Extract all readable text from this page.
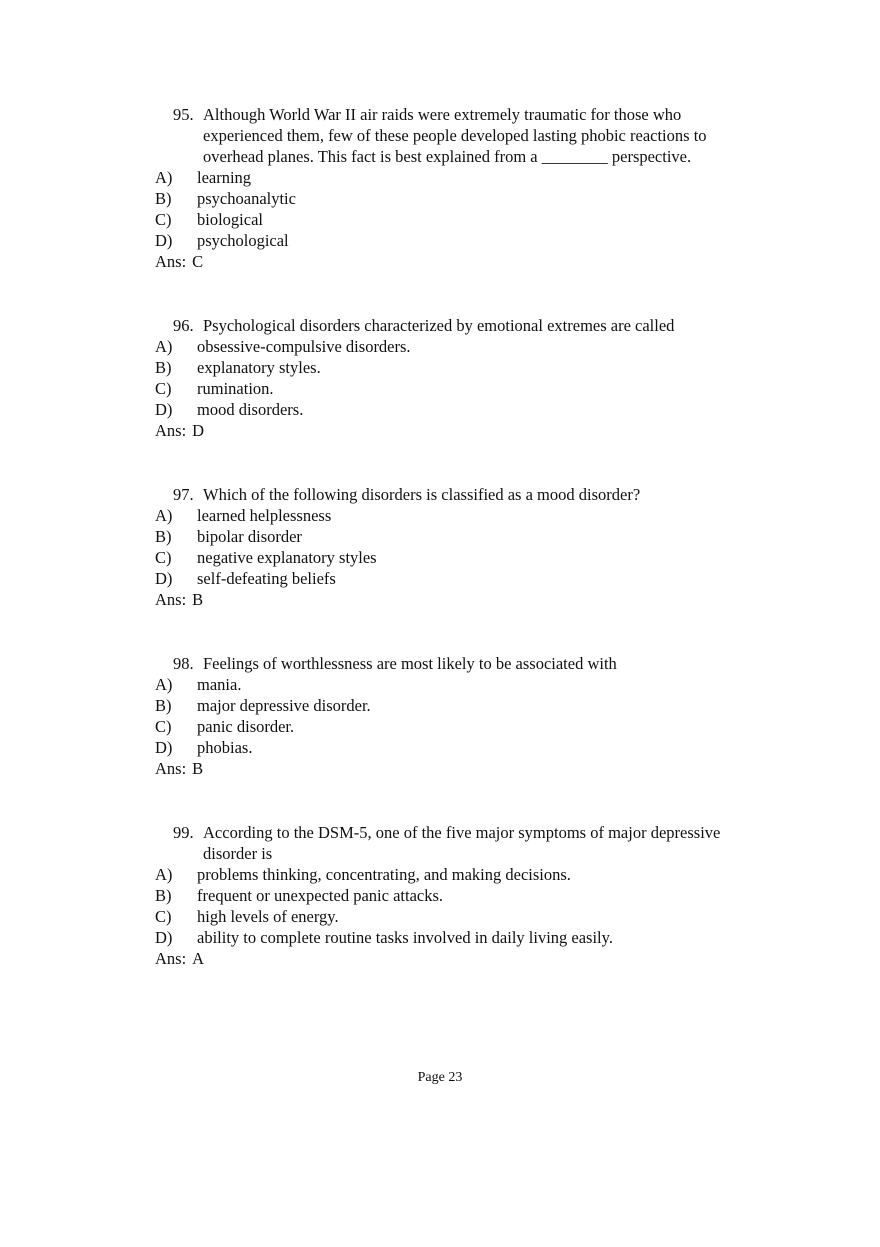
95. Although World War II air raids were extremely traumatic for those who experienced them, few of these people developed lasting phobic reactions to overhead planes. This fact is best explained from a ________ perspective.
A) learning
B) psychoanalytic
C) biological
D) psychological
Ans: C
96. Psychological disorders characterized by emotional extremes are called
A) obsessive-compulsive disorders.
B) explanatory styles.
C) rumination.
D) mood disorders.
Ans: D
97. Which of the following disorders is classified as a mood disorder?
A) learned helplessness
B) bipolar disorder
C) negative explanatory styles
D) self-defeating beliefs
Ans: B
98. Feelings of worthlessness are most likely to be associated with
A) mania.
B) major depressive disorder.
C) panic disorder.
D) phobias.
Ans: B
99. According to the DSM-5, one of the five major symptoms of major depressive disorder is
A) problems thinking, concentrating, and making decisions.
B) frequent or unexpected panic attacks.
C) high levels of energy.
D) ability to complete routine tasks involved in daily living easily.
Ans: A
Page 23
